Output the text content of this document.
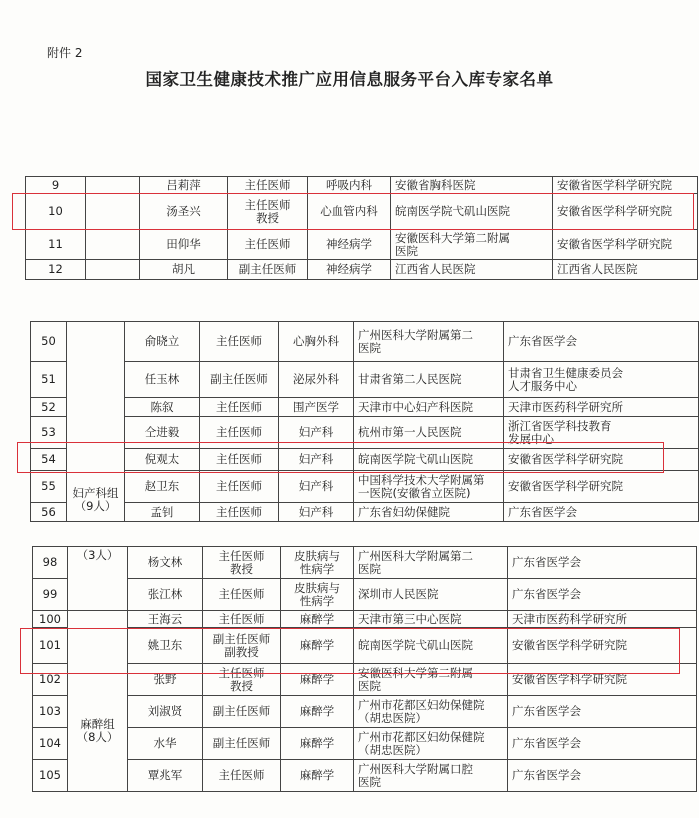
附件 2
国家卫生健康技术推广应用信息服务平台入库专家名单
9		吕莉萍	主任医师	呼吸内科	安徽省胸科医院	安徽省医学科学研究院
10		汤圣兴	主任医师
教授	心血管内科	皖南医学院弋矶山医院	安徽省医学科学研究院
11		田仰华	主任医师	神经病学	安徽医科大学第二附属
医院	安徽省医学科学研究院
12		胡凡	副主任医师	神经病学	江西省人民医院	江西省人民医院
50	妇产科组
（9人）	俞晓立	主任医师	心胸外科	广州医科大学附属第二
医院	广东省医学会
51		任玉林	副主任医师	泌尿外科	甘肃省第二人民医院	甘肃省卫生健康委员会
人才服务中心
52		陈叙	主任医师	围产医学	天津市中心妇产科医院	天津市医药科学研究所
53		仝进毅	主任医师	妇产科	杭州市第一人民医院	浙江省医学科技教育
发展中心
54		倪观太	主任医师	妇产科	皖南医学院弋矶山医院	安徽省医学科学研究院
55		赵卫东	主任医师	妇产科	中国科学技术大学附属第
一医院(安徽省立医院)	安徽省医学科学研究院
56		孟钊	主任医师	妇产科	广东省妇幼保健院	广东省医学会
98	（3人）	杨文林	主任医师
教授	皮肤病与
性病学	广州医科大学附属第二
医院	广东省医学会
99		张江林	主任医师	皮肤病与
性病学	深圳市人民医院	广东省医学会
100	麻醉组
（8人）	王海云	主任医师	麻醉学	天津市第三中心医院	天津市医药科学研究所
101		姚卫东	副主任医师
副教授	麻醉学	皖南医学院弋矶山医院	安徽省医学科学研究院
102		张野	主任医师
教授	麻醉学	安徽医科大学第二附属
医院	安徽省医学科学研究院
103		刘淑贤	副主任医师	麻醉学	广州市花都区妇幼保健院
（胡忠医院）	广东省医学会
104		水华	副主任医师	麻醉学	广州市花都区妇幼保健院
（胡忠医院）	广东省医学会
105		覃兆军	主任医师	麻醉学	广州医科大学附属口腔
医院	广东省医学会
